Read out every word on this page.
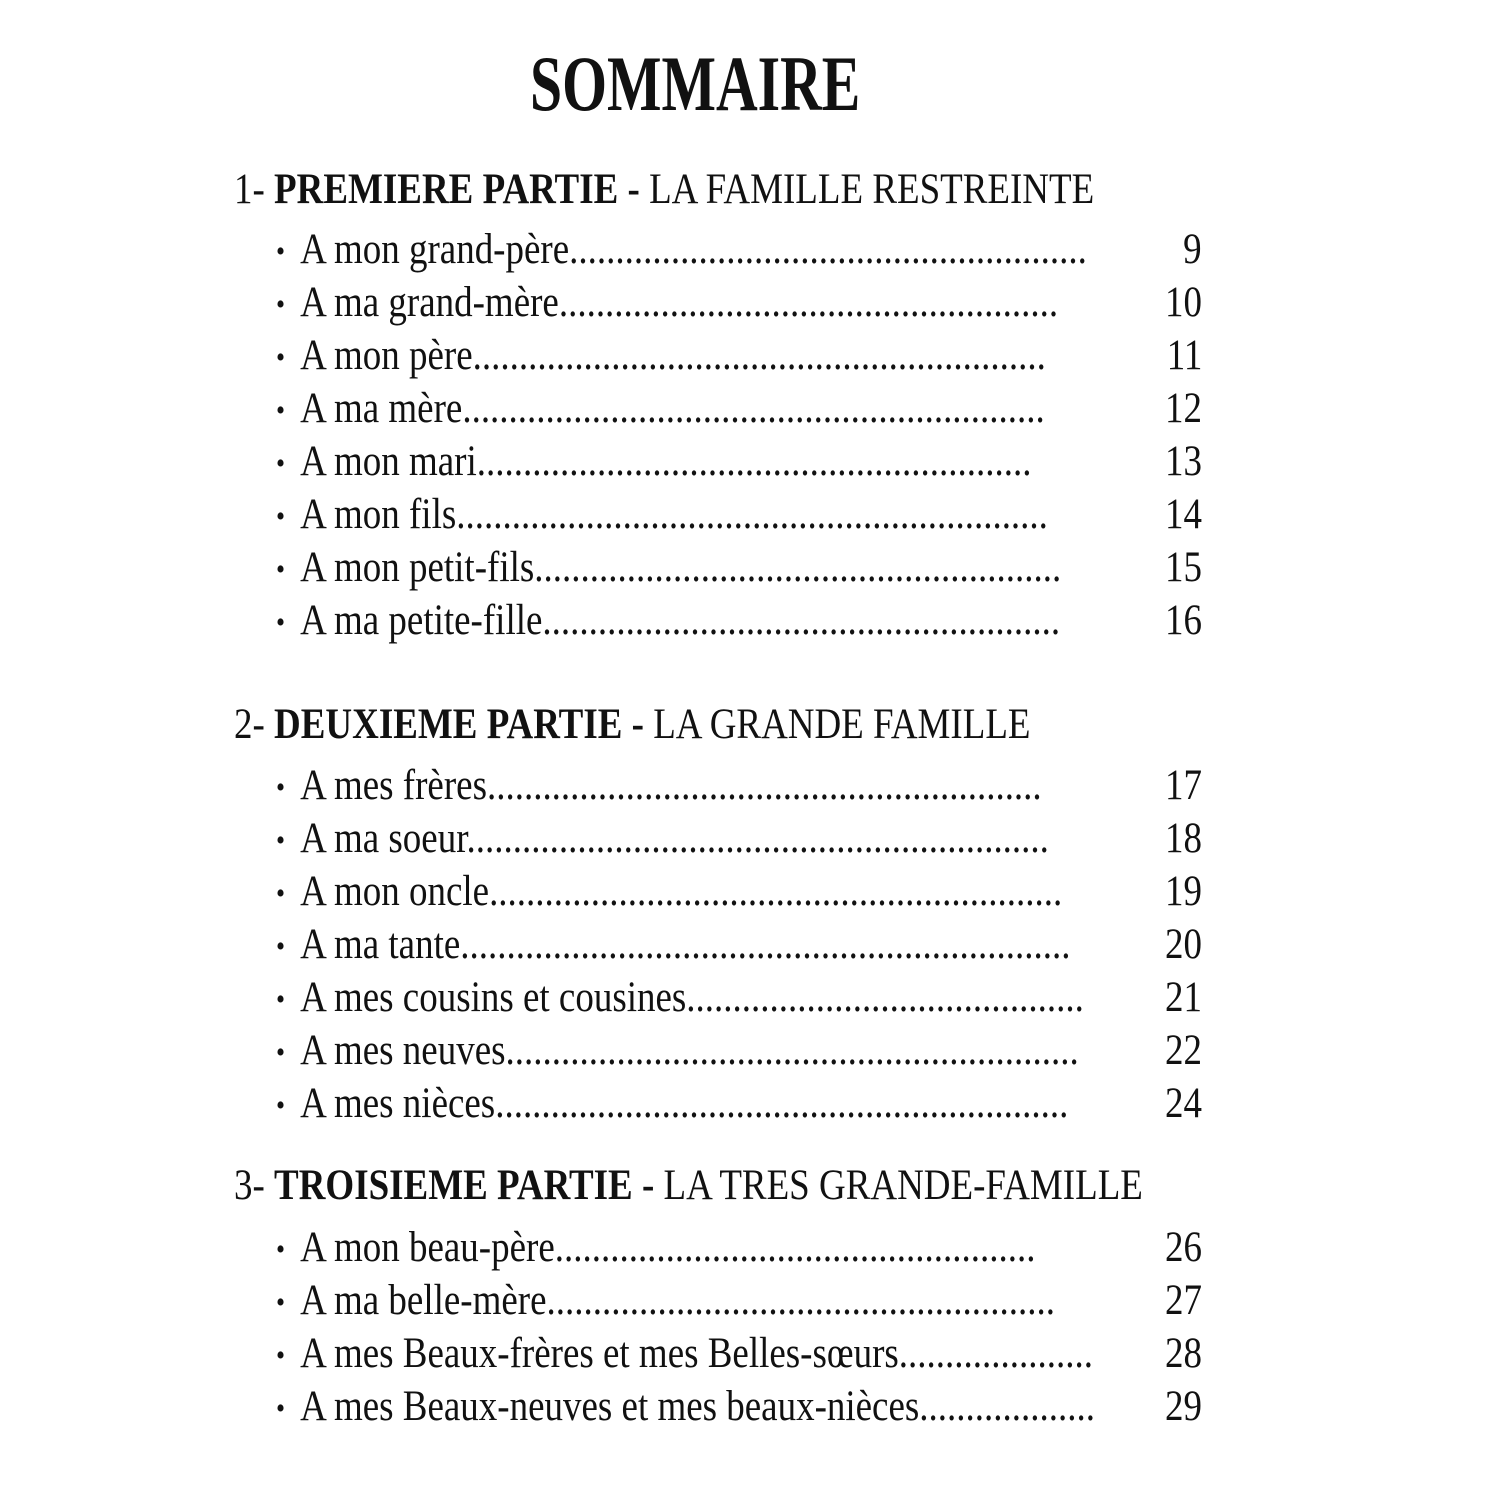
SOMMAIRE
1- PREMIERE PARTIE - LA FAMILLE RESTREINTE
2- DEUXIEME PARTIE - LA GRANDE FAMILLE
3- TROISIEME PARTIE - LA TRES GRANDE-FAMILLE
• A mon grand-père........................................................ 9
• A ma grand-mère...................................................... 10
• A mon père..............................................................	11
• A ma mère...............................................................	12
• A mon mari............................................................	13
• A mon fils................................................................	14
• A mon petit-fils......................................................... 15
• A ma petite-fille........................................................ 16
• A mes frères............................................................	17
• A ma soeur...............................................................	18
• A mon oncle.............................................................. 19
• A ma tante.................................................................. 20
• A mes cousins et cousines........................................... 21
• A mes neuves.............................................................. 22
• A mes nièces.............................................................. 24
• A mon beau-père....................................................	26
• A ma belle-mère.......................................................	27
• A mes Beaux-frères et mes Belles-sœurs..................... 28
• A mes Beaux-neuves et mes beaux-nièces................... 29
